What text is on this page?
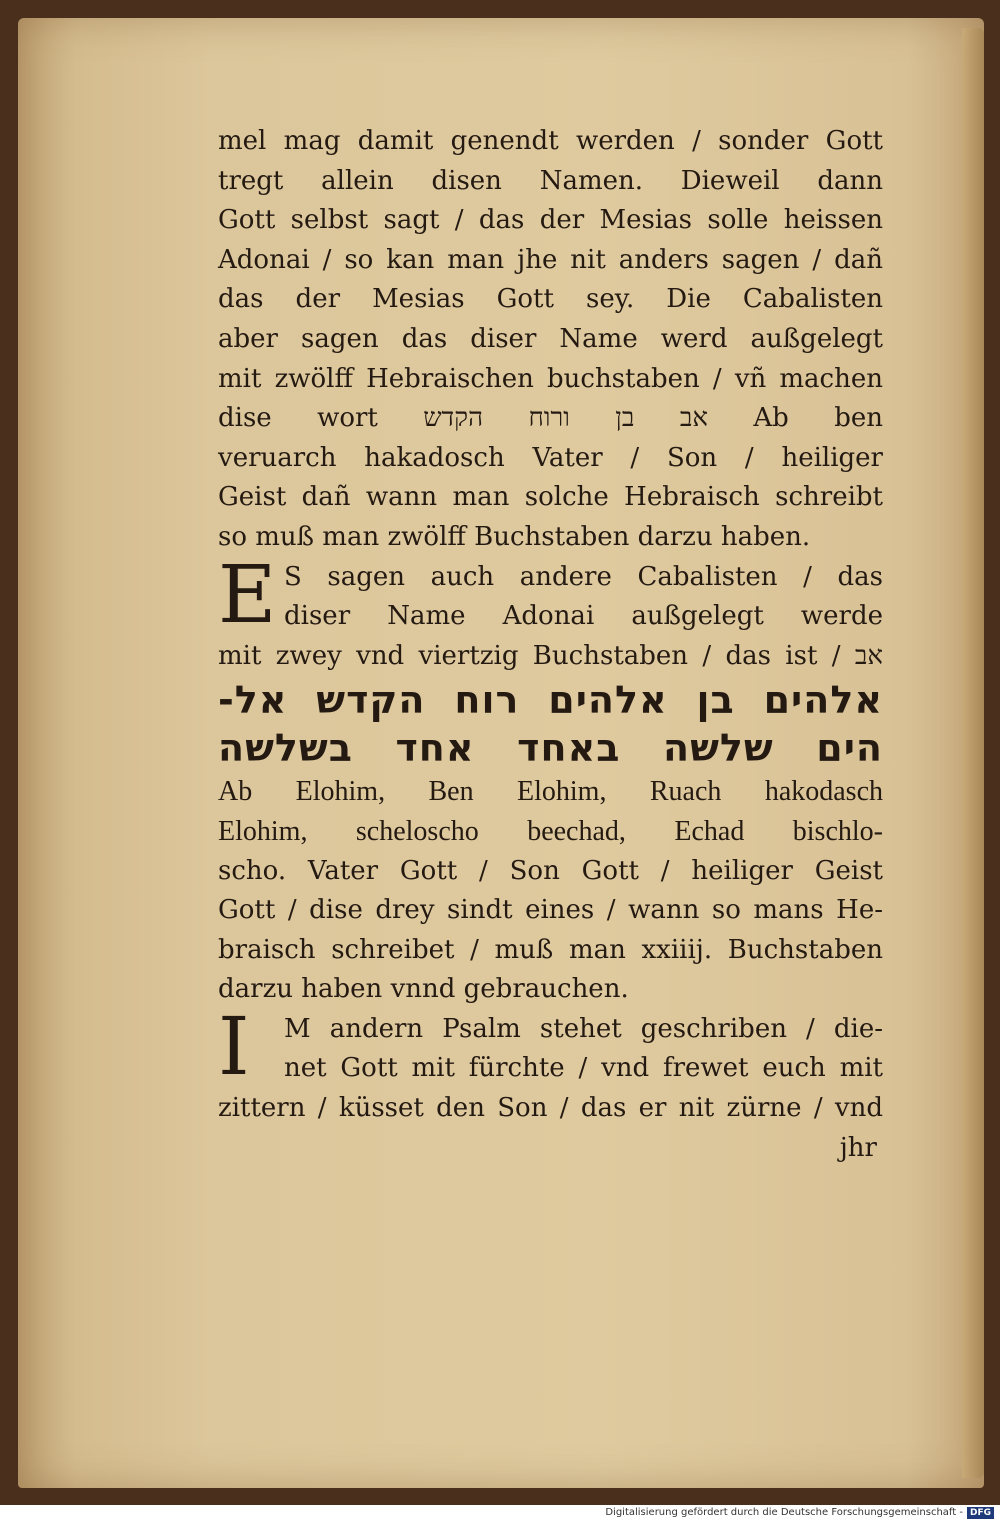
mel mag damit genendt werden / sonder Gott
tregt allein disen Namen. Dieweil dann
Gott selbst sagt / das der Mesias solle heissen
Adonai / so kan man jhe nit anders sagen / dañ
das der Mesias Gott sey. Die Cabalisten
aber sagen das diser Name werd außgelegt
mit zwölff Hebraischen buchstaben / vñ machen
dise wort אב בן ורוח הקדש Ab ben
veruarch hakadosch Vater / Son / heiliger
Geist dañ wann man solche Hebraisch schreibt
so muß man zwölff Buchstaben darzu haben.
E S sagen auch andere Cabalisten / das
diser Name Adonai außgelegt werde
mit zwey vnd viertzig Buchstaben / das ist / אב
אלהים בן אלהים רוח הקדש אל-
הים שלשה באחד אחד בשלשה
Ab Elohim, Ben Elohim, Ruach hakodasch
Elohim, schelоscho beechad, Echad bischlo-
scho. Vater Gott / Son Gott / heiliger Geist
Gott / dise drey sindt eines / wann so mans He-
braisch schreibet / muß man xxiiij. Buchstaben
darzu haben vnnd gebrauchen.
I	M andern Psalm stehet geschriben / die-
net Gott mit fürchte / vnd frewet euch mit
zittern / küsset den Son / das er nit zürne / vnd
jhr
Digitalisierung gefördert durch die Deutsche Forschungsgemeinschaft - DFG
